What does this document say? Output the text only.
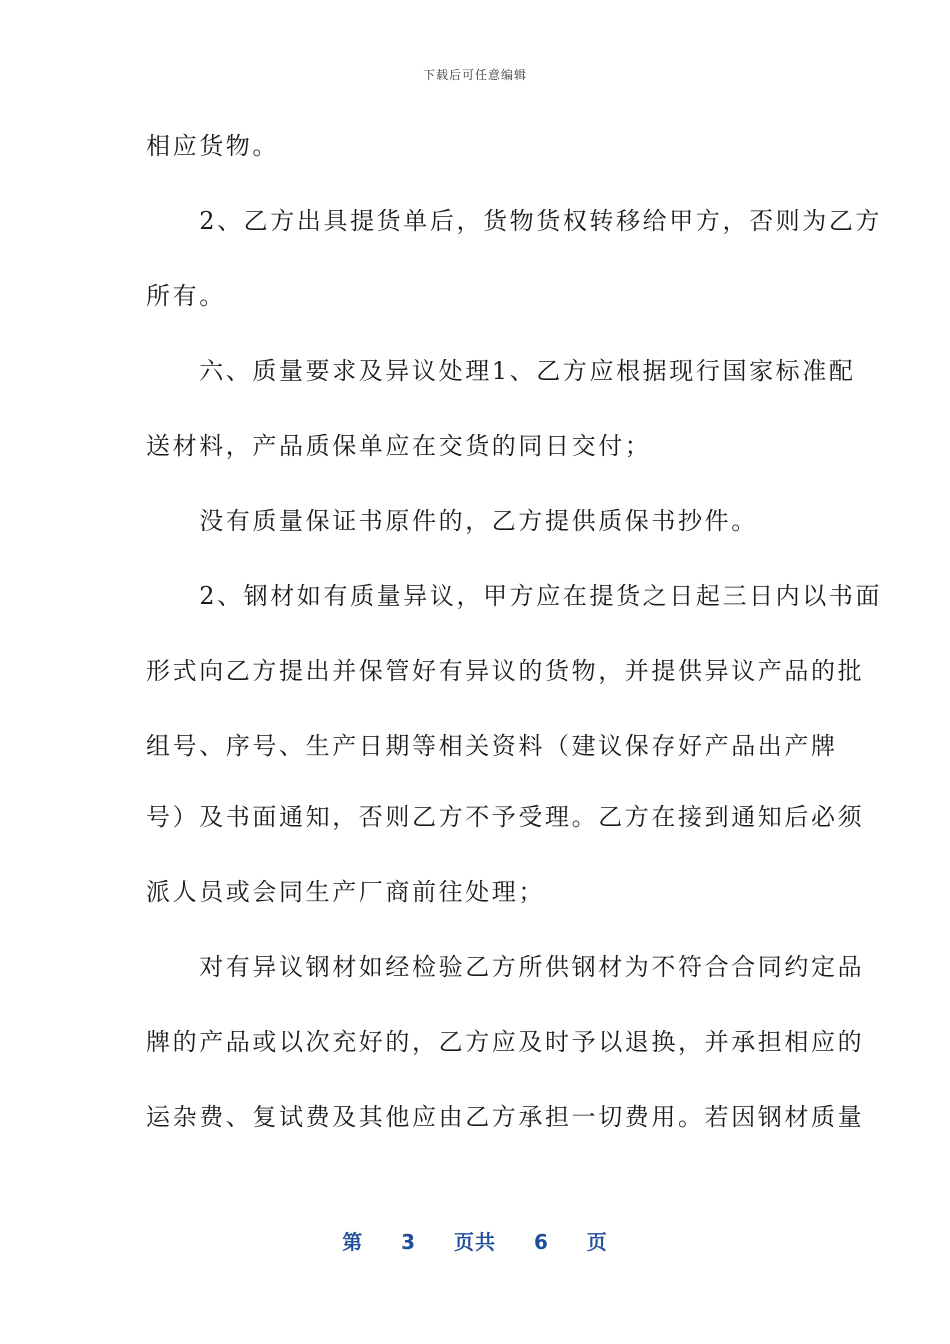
下载后可任意编辑
相应货物。
　　2、乙方出具提货单后，货物货权转移给甲方，否则为乙方
所有。
　　六、质量要求及异议处理1、乙方应根据现行国家标准配
送材料，产品质保单应在交货的同日交付；
　　没有质量保证书原件的，乙方提供质保书抄件。
　　2、钢材如有质量异议，甲方应在提货之日起三日内以书面
形式向乙方提出并保管好有异议的货物，并提供异议产品的批
组号、序号、生产日期等相关资料（建议保存好产品出产牌
号）及书面通知，否则乙方不予受理。乙方在接到通知后必须
派人员或会同生产厂商前往处理；
　　对有异议钢材如经检验乙方所供钢材为不符合合同约定品
牌的产品或以次充好的，乙方应及时予以退换，并承担相应的
运杂费、复试费及其他应由乙方承担一切费用。若因钢材质量
第 3 页共 6 页
